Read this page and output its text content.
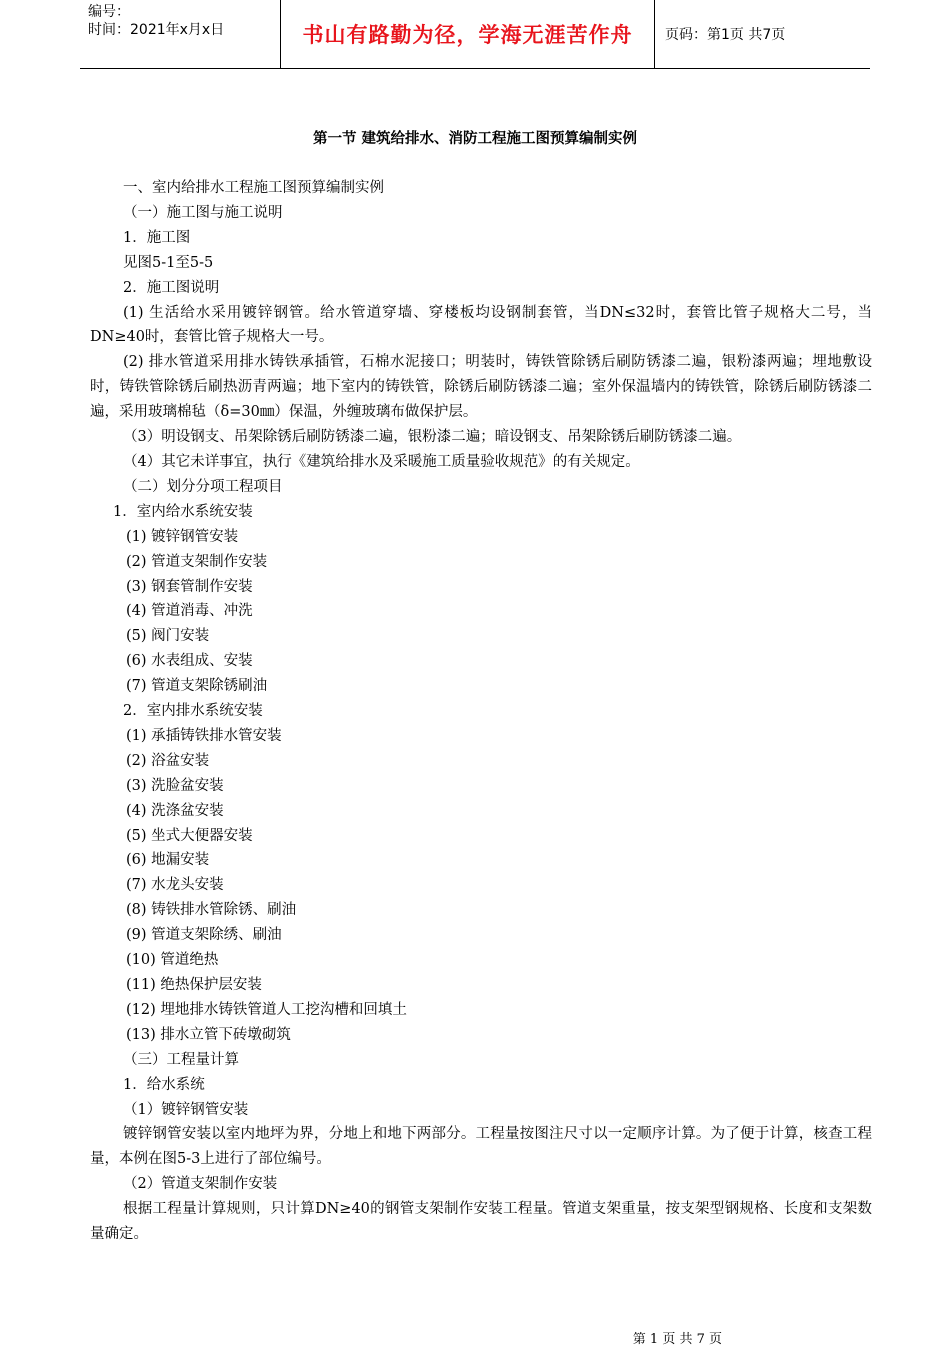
编号：
时间：2021年x月x日	书山有路勤为径，学海无涯苦作舟	页码：第1页 共7页
第一节 建筑给排水、消防工程施工图预算编制实例

一、室内给排水工程施工图预算编制实例

（一）施工图与施工说明

1．施工图

见图5-1至5-5

2．施工图说明

(1) 生活给水采用镀锌钢管。给水管道穿墙、穿楼板均设钢制套管，当DN≤32时，套管比管子规格大二号，当DN≥40时，套管比管子规格大一号。

(2) 排水管道采用排水铸铁承插管，石棉水泥接口；明装时，铸铁管除锈后刷防锈漆二遍，银粉漆两遍；埋地敷设时，铸铁管除锈后刷热沥青两遍；地下室内的铸铁管，除锈后刷防锈漆二遍；室外保温墙内的铸铁管，除锈后刷防锈漆二遍，采用玻璃棉毡（δ=30㎜）保温，外缠玻璃布做保护层。

（3）明设钢支、吊架除锈后刷防锈漆二遍，银粉漆二遍；暗设钢支、吊架除锈后刷防锈漆二遍。

（4）其它未详事宜，执行《建筑给排水及采暖施工质量验收规范》的有关规定。

（二）划分分项工程项目

1．室内给水系统安装

(1) 镀锌钢管安装

(2) 管道支架制作安装

(3) 钢套管制作安装

(4) 管道消毒、冲洗

(5) 阀门安装

(6) 水表组成、安装

(7) 管道支架除锈刷油

2．室内排水系统安装

(1) 承插铸铁排水管安装

(2) 浴盆安装

(3) 洗脸盆安装

(4) 洗涤盆安装

(5) 坐式大便器安装

(6) 地漏安装

(7) 水龙头安装

(8) 铸铁排水管除锈、刷油

(9) 管道支架除绣、刷油

(10) 管道绝热

(11) 绝热保护层安装

(12) 埋地排水铸铁管道人工挖沟槽和回填土

(13) 排水立管下砖墩砌筑

（三）工程量计算

1．给水系统

（1）镀锌钢管安装

镀锌钢管安装以室内地坪为界，分地上和地下两部分。工程量按图注尺寸以一定顺序计算。为了便于计算，核查工程量，本例在图5-3上进行了部位编号。

（2）管道支架制作安装

根据工程量计算规则，只计算DN≥40的钢管支架制作安装工程量。管道支架重量，按支架型钢规格、长度和支架数量确定。

第 1 页 共 7 页
